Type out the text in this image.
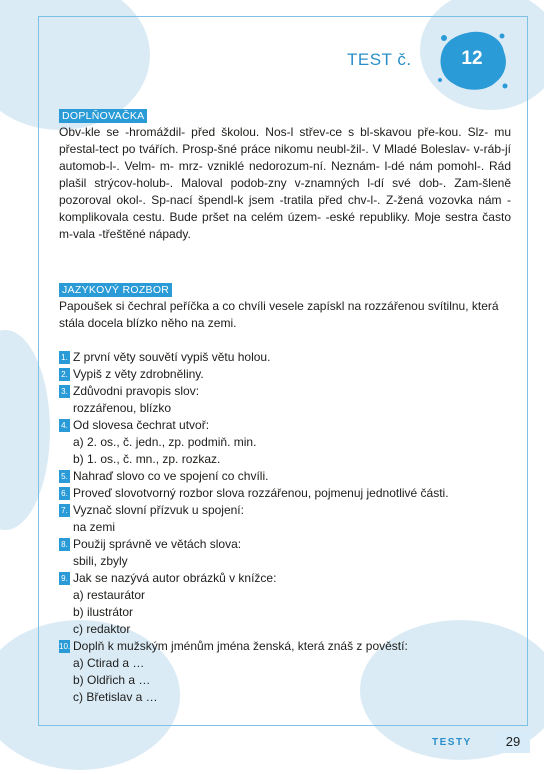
TEST č.	12
DOPLŇOVAČKA

Obv-kle se -hromáždil- před školou. Nos-l střev-ce s bl-skavou pře-kou. Slz- mu přestal-tect po tvářích. Prosp-šné práce nikomu neubl-žil-. V Mladé Boleslav- v-ráb-jí automob-l-. Velm- m- mrz- vzniklé nedorozum-ní. Neznám- l-dé nám pomohl-. Rád plašil strýcov-holub-. Maloval podob-zny v-znamných l-dí své dob-. Zam-šleně pozoroval okol-. Sp-nací špendl-k jsem -tratila před chv-l-. Z-žená vozovka nám -komplikovala cestu. Bude pršet na celém územ- -eské republiky. Moje sestra často m-vala -třeštěné nápady.

JAZYKOVÝ ROZBOR

Papoušek si čechral peříčka a co chvíli vesele zapískl na rozzářenou svítilnu, která stála docela blízko něho na zemi.

1. Z první věty souvětí vypiš větu holou.
2. Vypiš z věty zdrobněliny.
3. Zdůvodni pravopis slov:
rozzářenou, blízko
4. Od slovesa čechrat utvoř:
a) 2. os., č. jedn., zp. podmiň. min.
b) 1. os., č. mn., zp. rozkaz.
5. Nahraď slovo co ve spojení co chvíli.
6. Proveď slovotvorný rozbor slova rozzářenou, pojmenuj jednotlivé části.
7. Vyznač slovní přízvuk u spojení:
na zemi
8. Použij správně ve větách slova:
sbili, zbyly
9. Jak se nazývá autor obrázků v knížce:
a) restaurátor
b) ilustrátor
c) redaktor
10. Doplň k mužským jménům jména ženská, která znáš z pověstí:
a) Ctirad a …
b) Oldřich a …
c) Břetislav a …
TESTY	29
